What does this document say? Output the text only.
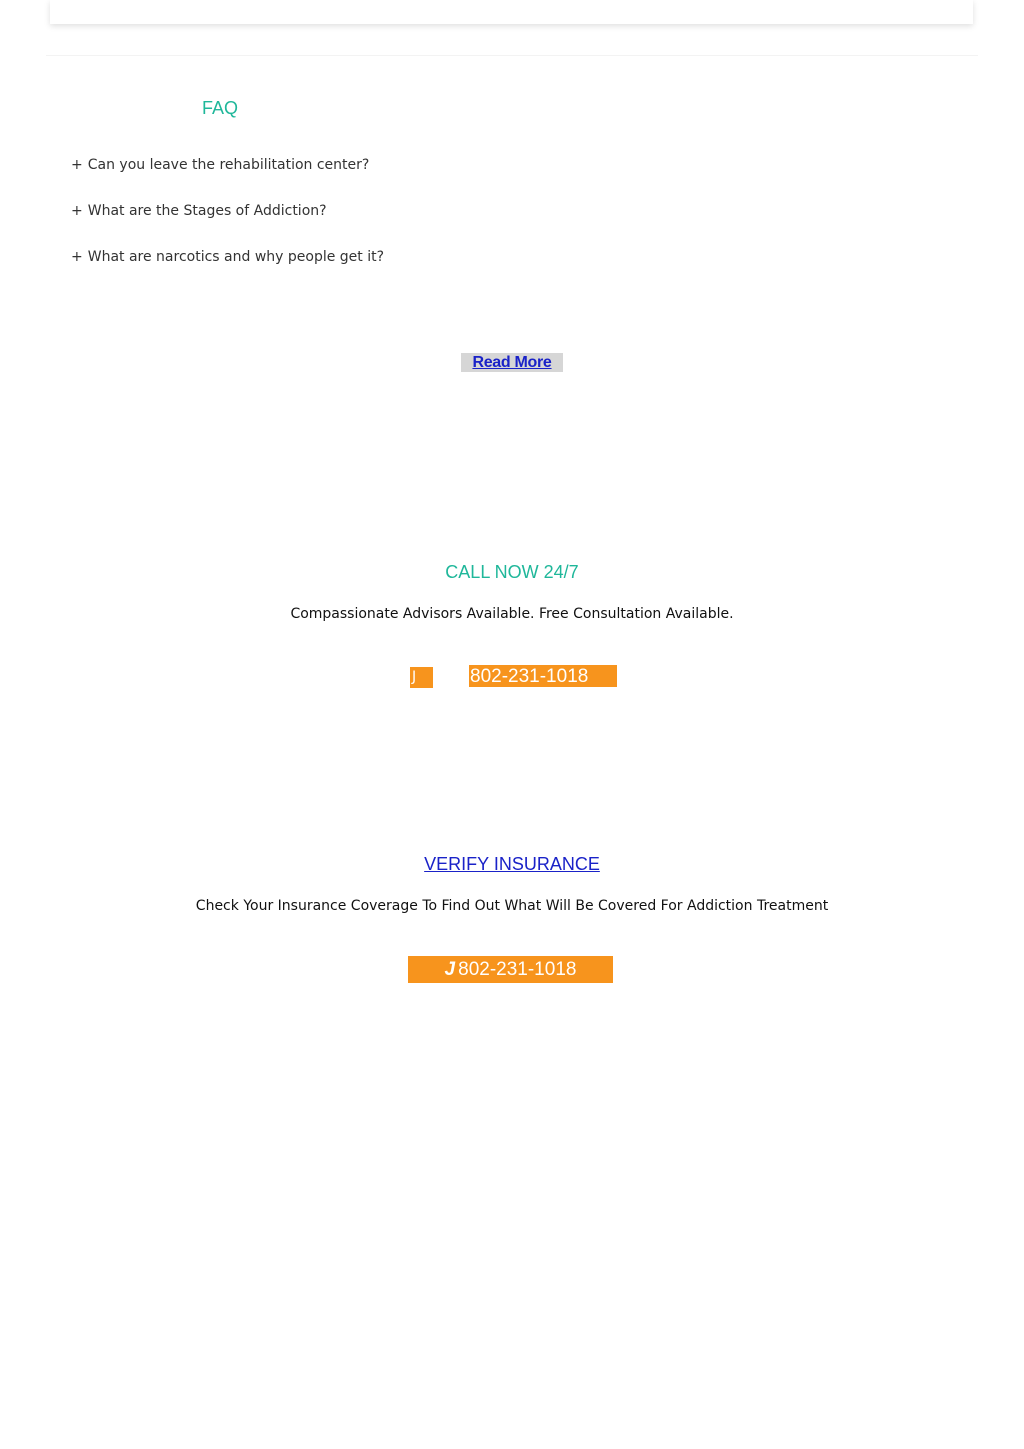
FAQ
+ Can you leave the rehabilitation center?
+ What are the Stages of Addiction?
+ What are narcotics and why people get it?
Read More
CALL NOW 24/7
Compassionate Advisors Available. Free Consultation Available.
J	802-231-1018
VERIFY INSURANCE
Check Your Insurance Coverage To Find Out What Will Be Covered For Addiction Treatment
J 802-231-1018
